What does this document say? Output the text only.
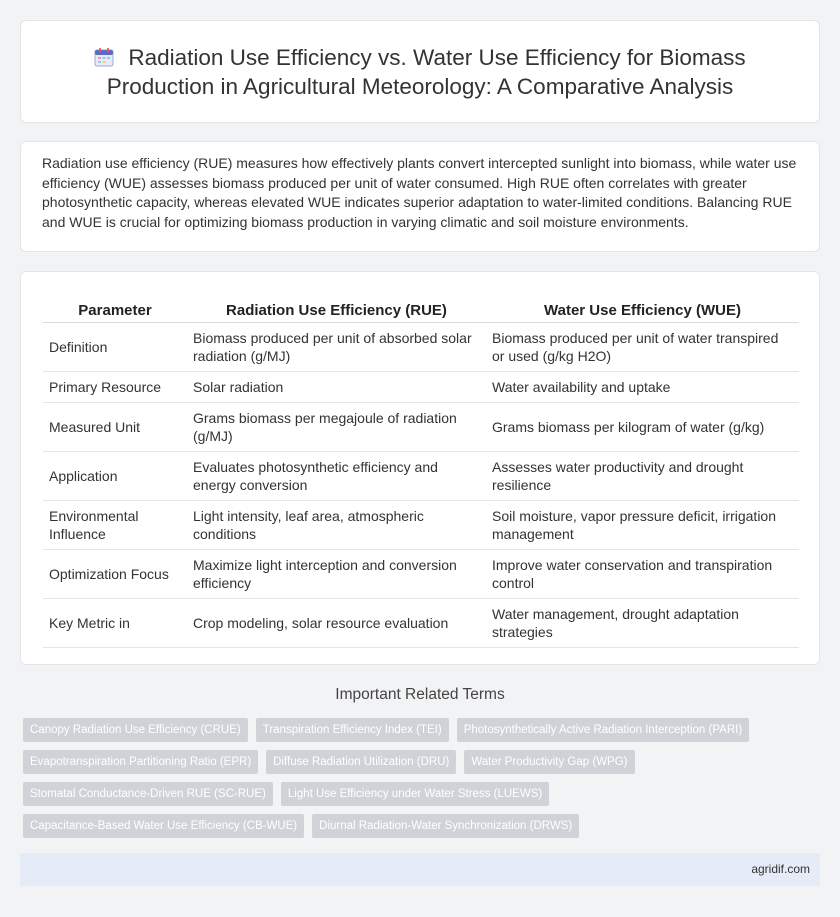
Radiation Use Efficiency vs. Water Use Efficiency for Biomass Production in Agricultural Meteorology: A Comparative Analysis

Radiation use efficiency (RUE) measures how effectively plants convert intercepted sunlight into biomass, while water use efficiency (WUE) assesses biomass produced per unit of water consumed. High RUE often correlates with greater photosynthetic capacity, whereas elevated WUE indicates superior adaptation to water-limited conditions. Balancing RUE and WUE is crucial for optimizing biomass production in varying climatic and soil moisture environments.

Parameter	Radiation Use Efficiency (RUE)	Water Use Efficiency (WUE)
Definition	Biomass produced per unit of absorbed solar radiation (g/MJ)	Biomass produced per unit of water transpired or used (g/kg H2O)
Primary Resource	Solar radiation	Water availability and uptake
Measured Unit	Grams biomass per megajoule of radiation (g/MJ)	Grams biomass per kilogram of water (g/kg)
Application	Evaluates photosynthetic efficiency and energy conversion	Assesses water productivity and drought resilience
Environmental Influence	Light intensity, leaf area, atmospheric conditions	Soil moisture, vapor pressure deficit, irrigation management
Optimization Focus	Maximize light interception and conversion efficiency	Improve water conservation and transpiration control
Key Metric in	Crop modeling, solar resource evaluation	Water management, drought adaptation strategies
Important Related Terms
Canopy Radiation Use Efficiency (CRUE)	Transpiration Efficiency Index (TEI)	Photosynthetically Active Radiation Interception (PARI)
Evapotranspiration Partitioning Ratio (EPR)	Diffuse Radiation Utilization (DRU)	Water Productivity Gap (WPG)
Stomatal Conductance-Driven RUE (SC-RUE)	Light Use Efficiency under Water Stress (LUEWS)
Capacitance-Based Water Use Efficiency (CB-WUE)	Diurnal Radiation-Water Synchronization (DRWS)
agridif.com
